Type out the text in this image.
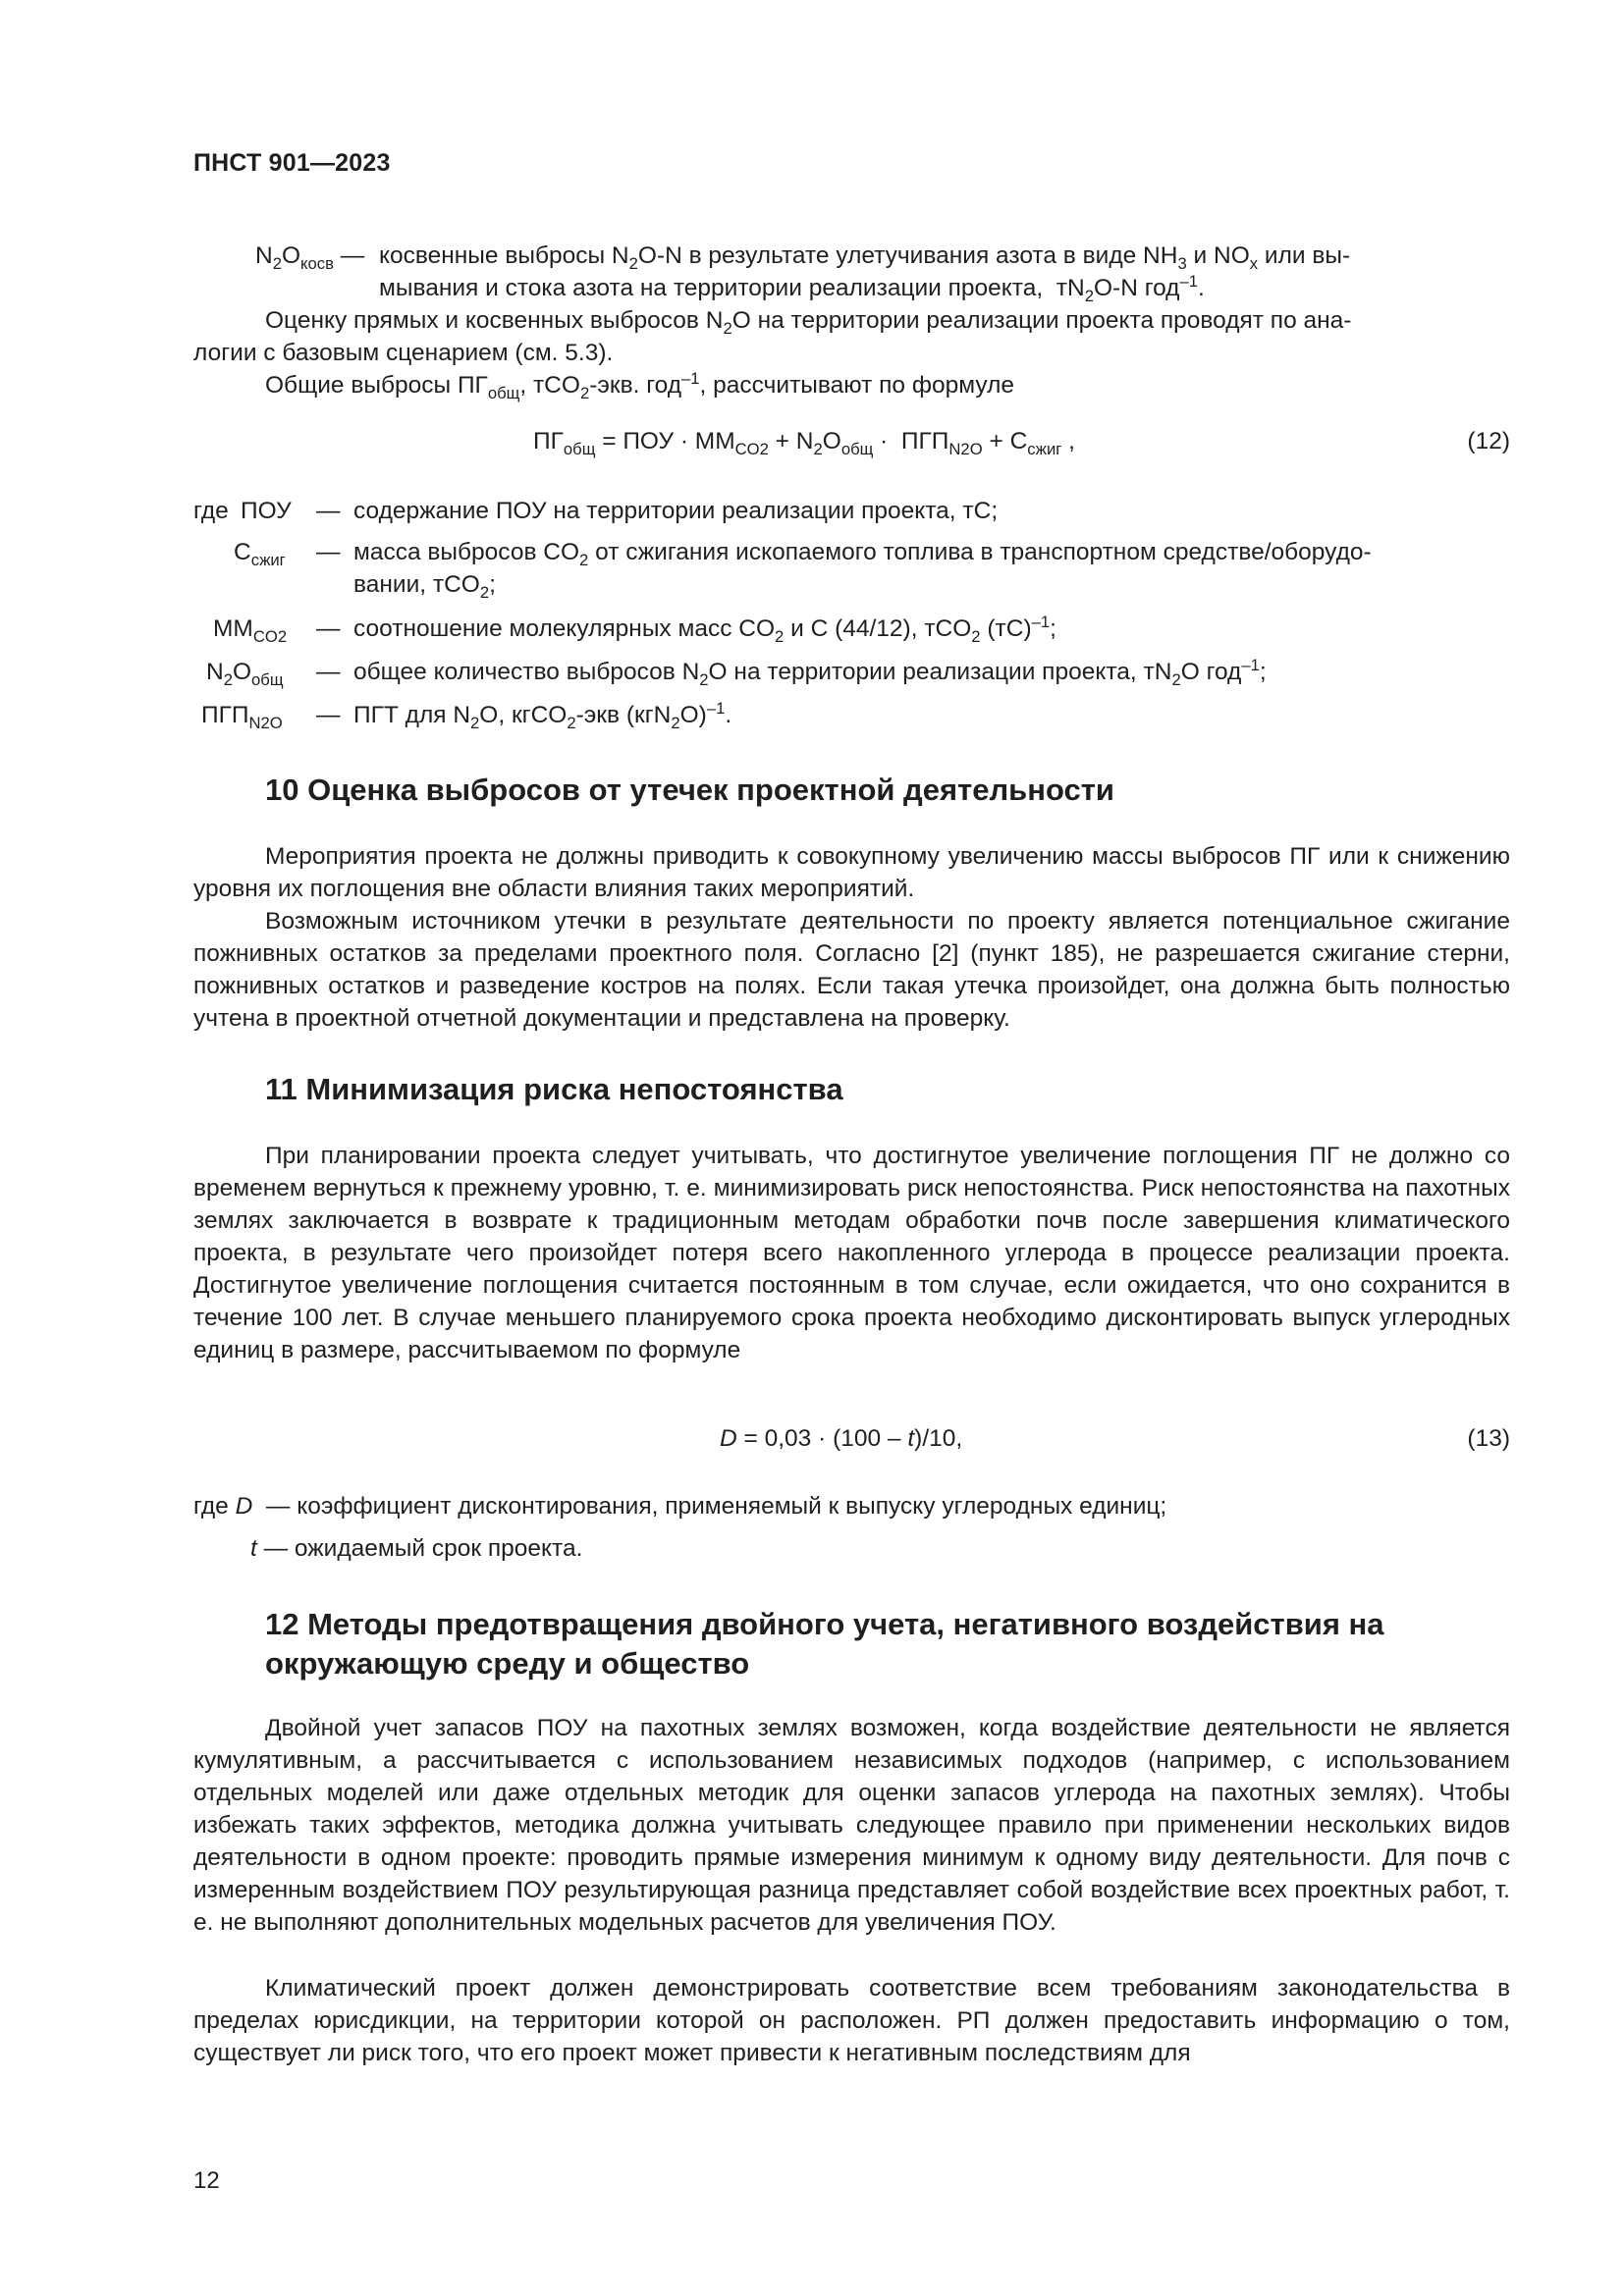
ПНСТ 901—2023
$N_2O_{косв}$ — косвенные выбросы $N_2O-N$ в результате улетучивания азота в виде $NH_3$ и $NO_x$ или вы-
мывания и стока азота на территории реализации проекта,  $тN_2O-N$ год$^{-1}$.
Оценку прямых и косвенных выбросов $N_2O$ на территории реализации проекта проводят по ана-
логии с базовым сценарием (см. 5.3).
Общие выбросы $ПГ_{общ}$, тCO$_2$-экв. год$^{-1}$, рассчитывают по формуле
$ПГ_{общ}$ = ПОУ · $MM_{CO2} + N_2O_{общ} \cdot ПГП_{N2O} + C_{сжиг}$ ,	(12)
где ПОУ — содержание ПОУ на территории реализации проекта, тС;
$C_{сжиг}$ — масса выбросов $CO_2$ от сжигания ископаемого топлива в транспортном средстве/оборудо-
вании, тCO$_2$;
$MM_{CO2}$ — соотношение молекулярных масс $CO_2$ и C (44/12), тCO$_2$ (тС)$^{-1}$;
$N_2O_{общ}$ — общее количество выбросов $N_2O$ на территории реализации проекта, $тN_2O$ год$^{-1}$;
$ПГП_{N2O}$ — ПГТ для $N_2O$, кгCO$_2$-экв $(кгN_2O)^{-1}$.
10 Оценка выбросов от утечек проектной деятельности
Мероприятия проекта не должны приводить к совокупному увеличению массы выбросов ПГ или к снижению уровня их поглощения вне области влияния таких мероприятий.
Возможным источником утечки в результате деятельности по проекту является потенциальное сжигание пожнивных остатков за пределами проектного поля. Согласно [2] (пункт 185), не разрешается сжигание стерни, пожнивных остатков и разведение костров на полях. Если такая утечка произойдет, она должна быть полностью учтена в проектной отчетной документации и представлена на проверку.
11 Минимизация риска непостоянства
При планировании проекта следует учитывать, что достигнутое увеличение поглощения ПГ не должно со временем вернуться к прежнему уровню, т. е. минимизировать риск непостоянства. Риск непостоянства на пахотных землях заключается в возврате к традиционным методам обработки почв после завершения климатического проекта, в результате чего произойдет потеря всего накопленного углерода в процессе реализации проекта. Достигнутое увеличение поглощения считается постоянным в том случае, если ожидается, что оно сохранится в течение 100 лет. В случае меньшего планируемого срока проекта необходимо дисконтировать выпуск углеродных единиц в размере, рассчитываемом по формуле
D = 0,03 · (100 – t)/10,	(13)
где D  — коэффициент дисконтирования, применяемый к выпуску углеродных единиц;
t — ожидаемый срок проекта.
12 Методы предотвращения двойного учета, негативного воздействия на окружающую среду и общество
Двойной учет запасов ПОУ на пахотных землях возможен, когда воздействие деятельности не является кумулятивным, а рассчитывается с использованием независимых подходов (например, с использованием отдельных моделей или даже отдельных методик для оценки запасов углерода на пахотных землях). Чтобы избежать таких эффектов, методика должна учитывать следующее правило при применении нескольких видов деятельности в одном проекте: проводить прямые измерения минимум к одному виду деятельности. Для почв с измеренным воздействием ПОУ результирующая разница представляет собой воздействие всех проектных работ, т. е. не выполняют дополнительных модельных расчетов для увеличения ПОУ.
Климатический проект должен демонстрировать соответствие всем требованиям законодательства в пределах юрисдикции, на территории которой он расположен. РП должен предоставить информацию о том, существует ли риск того, что его проект может привести к негативным последствиям для
12
